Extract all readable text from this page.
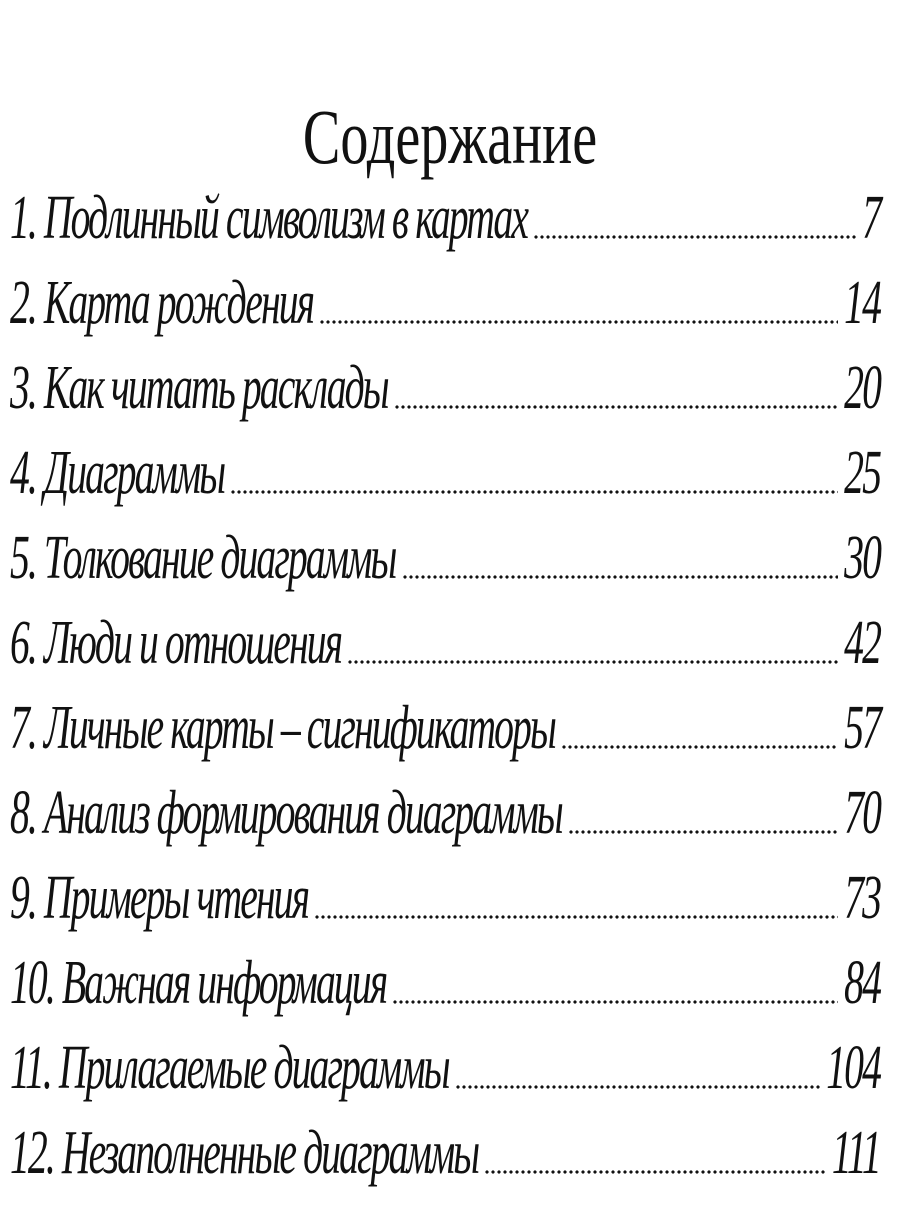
Содержание
1. Подлинный символизм в картах	7
2. Карта рождения	14
3. Как читать расклады	20
4. Диаграммы	25
5. Толкование диаграммы	30
6. Люди и отношения	42
7. Личные карты – сигнификаторы	57
8. Анализ формирования диаграммы	70
9. Примеры чтения	73
10. Важная информация	84
11. Прилагаемые диаграммы	104
12. Незаполненные диаграммы	111
